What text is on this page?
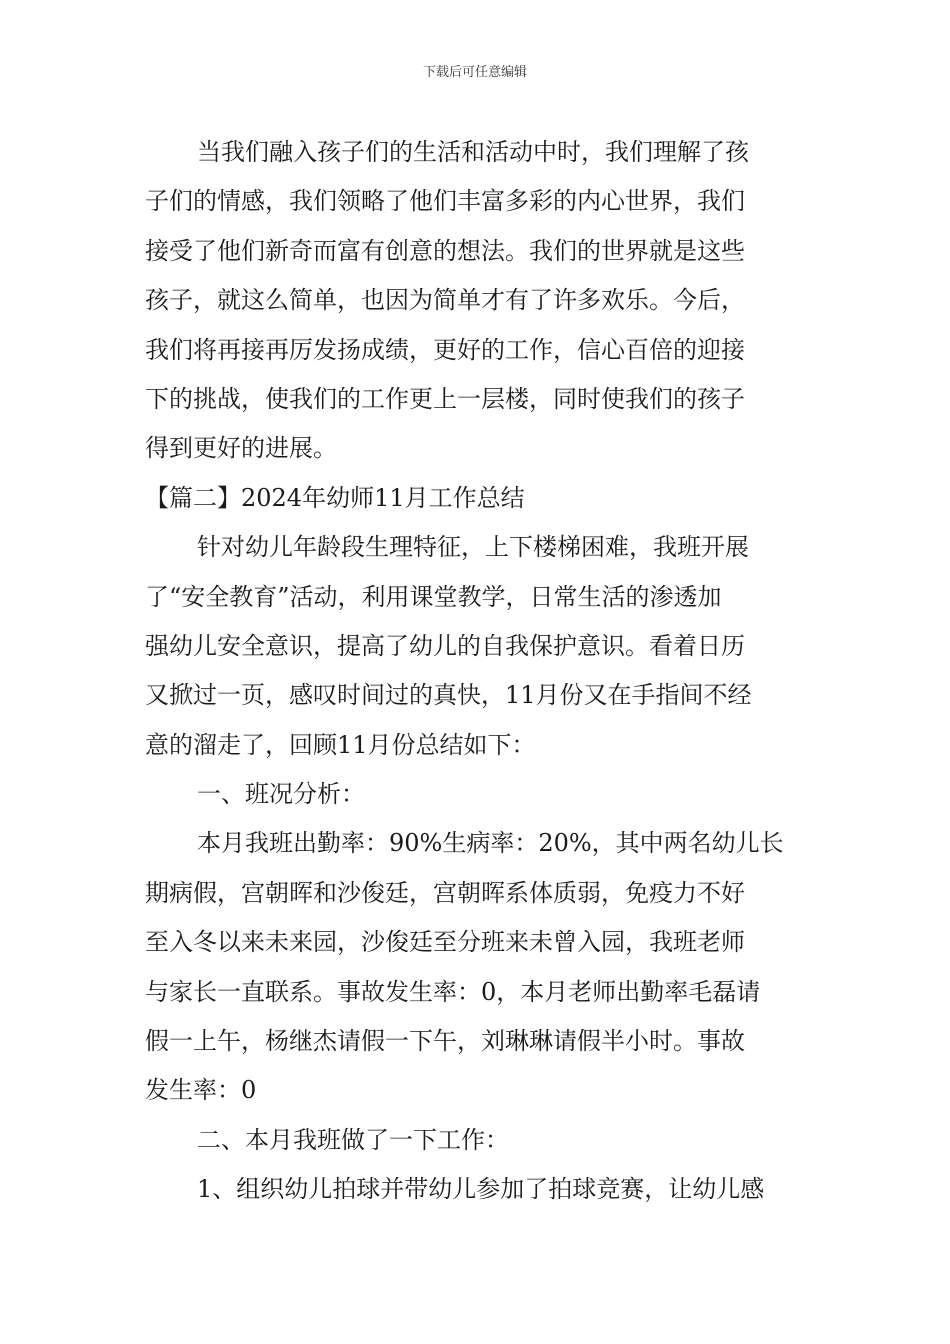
下载后可任意编辑
当我们融入孩子们的生活和活动中时，我们理解了孩
子们的情感，我们领略了他们丰富多彩的内心世界，我们
接受了他们新奇而富有创意的想法。我们的世界就是这些
孩子，就这么简单，也因为简单才有了许多欢乐。今后，
我们将再接再厉发扬成绩，更好的工作，信心百倍的迎接
下的挑战，使我们的工作更上一层楼，同时使我们的孩子
得到更好的进展。
【篇二】2024年幼师11月工作总结
针对幼儿年龄段生理特征，上下楼梯困难，我班开展
了“安全教育”活动，利用课堂教学，日常生活的渗透加
强幼儿安全意识，提高了幼儿的自我保护意识。看着日历
又掀过一页，感叹时间过的真快，11月份又在手指间不经
意的溜走了，回顾11月份总结如下：
一、班况分析：
本月我班出勤率：90%生病率：20%，其中两名幼儿长
期病假，宫朝晖和沙俊廷，宫朝晖系体质弱，免疫力不好
至入冬以来未来园，沙俊廷至分班来未曾入园，我班老师
与家长一直联系。事故发生率：0，本月老师出勤率毛磊请
假一上午，杨继杰请假一下午，刘琳琳请假半小时。事故
发生率：0
二、本月我班做了一下工作：
1、组织幼儿拍球并带幼儿参加了拍球竞赛，让幼儿感
